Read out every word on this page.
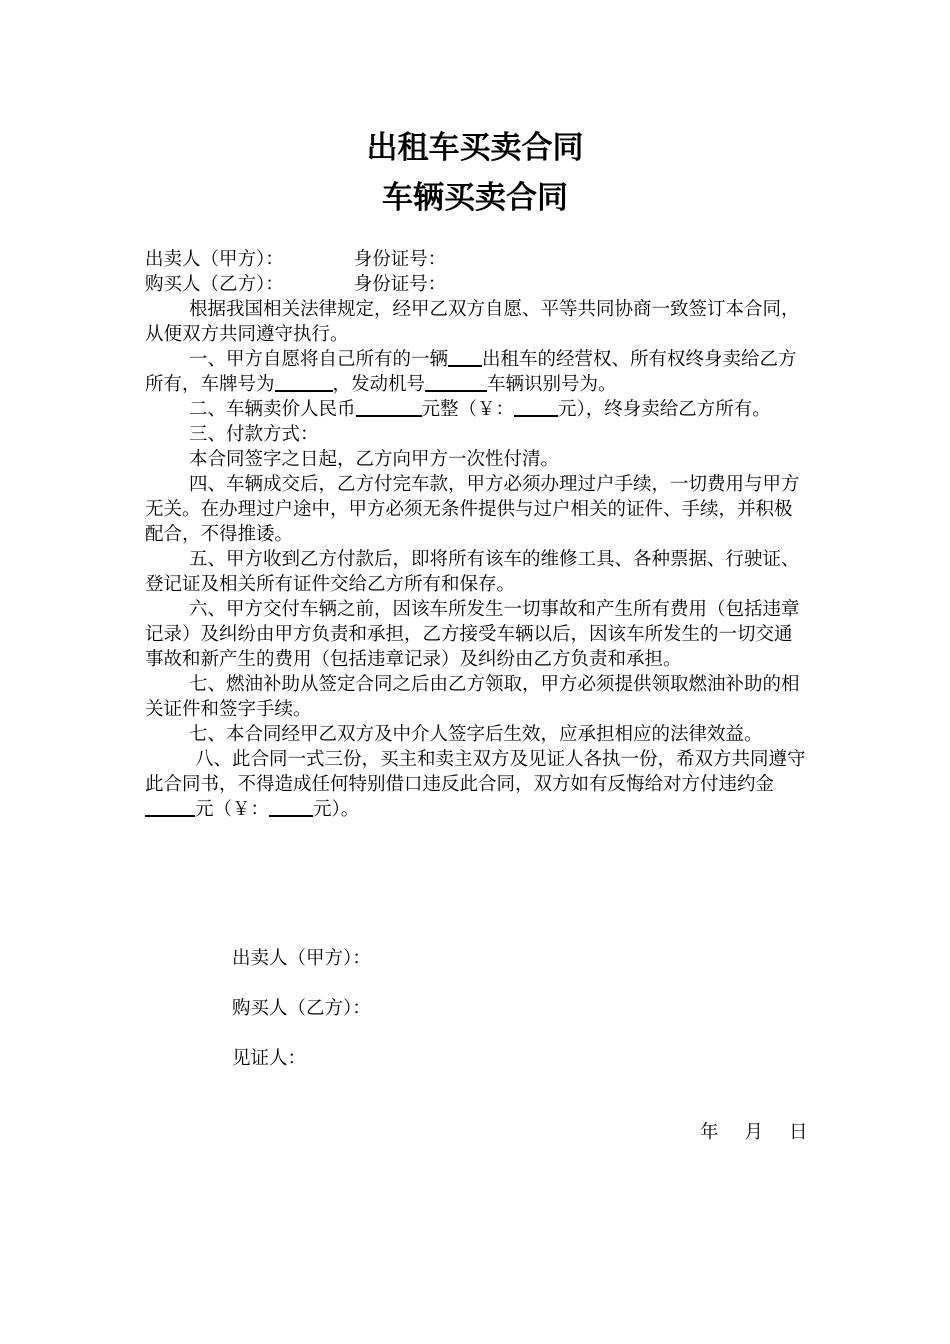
出租车买卖合同
车辆买卖合同

出卖人（甲方）：	身份证号：

购买人（乙方）：	身份证号：

根据我国相关法律规定，经甲乙双方自愿、平等共同协商一致签订本合同，从便双方共同遵守执行。

一、甲方自愿将自己所有的一辆 出租车的经营权、所有权终身卖给乙方所有，车牌号为	，发动机号	车辆识别号为。

二、车辆卖价人民币	元整（￥： 元），终身卖给乙方所有。

三、付款方式：

本合同签字之日起，乙方向甲方一次性付清。

四、车辆成交后，乙方付完车款，甲方必须办理过户手续，一切费用与甲方无关。在办理过户途中，甲方必须无条件提供与过户相关的证件、手续，并积极配合，不得推诿。

五、甲方收到乙方付款后，即将所有该车的维修工具、各种票据、行驶证、登记证及相关所有证件交给乙方所有和保存。

六、甲方交付车辆之前，因该车所发生一切事故和产生所有费用（包括违章记录）及纠纷由甲方负责和承担，乙方接受车辆以后，因该车所发生的一切交通事故和新产生的费用（包括违章记录）及纠纷由乙方负责和承担。

七、燃油补助从签定合同之后由乙方领取，甲方必须提供领取燃油补助的相关证件和签字手续。

七、本合同经甲乙双方及中介人签字后生效，应承担相应的法律效益。

八、此合同一式三份，买主和卖主双方及见证人各执一份，希双方共同遵守此合同书，不得造成任何特别借口违反此合同，双方如有反悔给对方付违约金元（￥： 元）。

出卖人（甲方）：
购买人（乙方）：
见证人：
年 月 日
